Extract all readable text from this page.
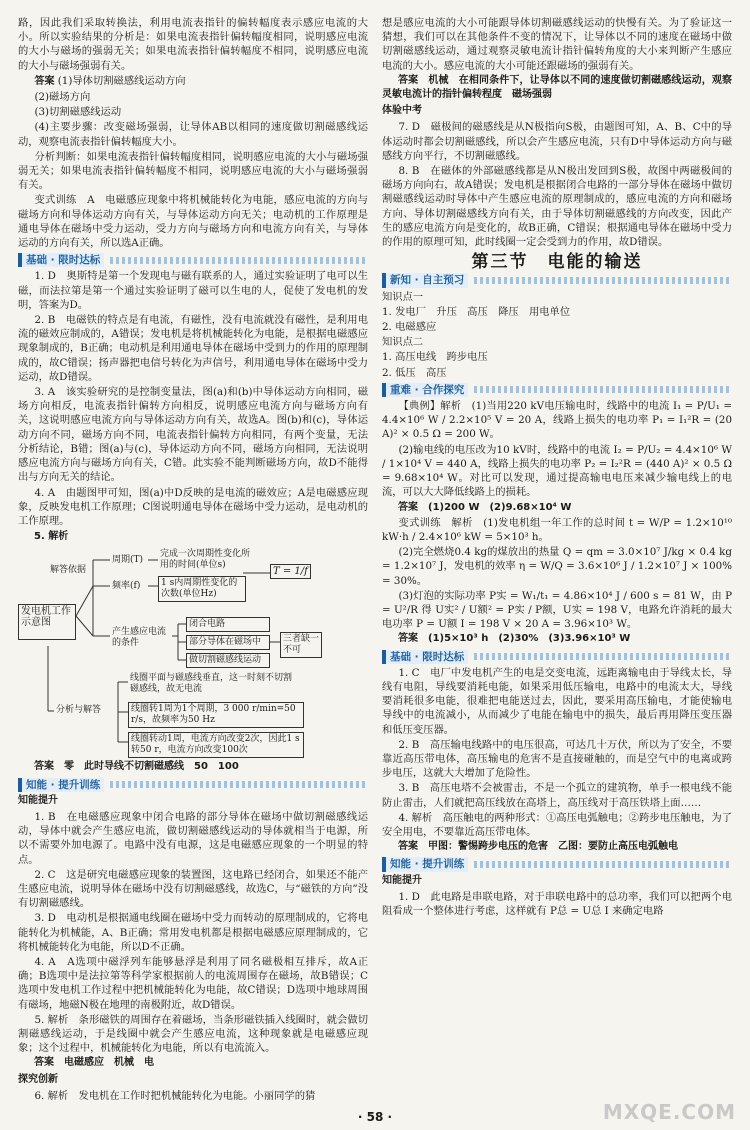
路，因此我们采取转换法，利用电流表指针的偏转幅度表示感应电流的大小。所以实验结果的分析是：如果电流表指针偏转幅度相同，说明感应电流的大小与磁场的强弱无关；如果电流表指针偏转幅度不相同，说明感应电流的大小与磁场强弱有关。

答案 (1)导体切割磁感线运动方向

(2)磁场方向

(3)切割磁感线运动

(4)主要步骤：改变磁场强弱，让导体AB以相同的速度做切割磁感线运动，观察电流表指针偏转幅度大小。

分析判断：如果电流表指针偏转幅度相同，说明感应电流的大小与磁场强弱无关；如果电流表指针偏转幅度不相同，说明感应电流的大小与磁场强弱有关。

变式训练　A　电磁感应现象中将机械能转化为电能，感应电流的方向与磁场方向和导体运动方向有关，与导体运动方向无关；电动机的工作原理是通电导体在磁场中受力运动，受力方向与磁场方向和电流方向有关，与导体运动的方向有关，所以选A正确。

基础 · 限时达标

1. D　奥斯特是第一个发现电与磁有联系的人，通过实验证明了电可以生磁，而法拉第是第一个通过实验证明了磁可以生电的人，促使了发电机的发明，答案为D。

2. B　电磁铁的特点是有电流，有磁性，没有电流就没有磁性，是利用电流的磁效应制成的，A错误；发电机是将机械能转化为电能，是根据电磁感应现象制成的，B正确；电动机是利用通电导体在磁场中受到力的作用的原理制成的，故C错误；扬声器把电信号转化为声信号，利用通电导体在磁场中受力运动，故D错误。

3. A　该实验研究的是控制变量法，图(a)和(b)中导体运动方向相同，磁场方向相反，电流表指针偏转方向相反，说明感应电流方向与磁场方向有关，这说明感应电流方向与导体运动方向有关，故选A。图(b)和(c)，导体运动方向不同，磁场方向不同，电流表指针偏转方向相同，有两个变量，无法分析结论，B错；图(a)与(c)，导体运动方向不同，磁场方向相同，无法说明感应电流方向与磁场方向有关，C错。此实验不能判断磁场方向，故D不能得出与方向无关的结论。

4. A　由题图甲可知，图(a)中D反映的是电流的磁效应；A是电磁感应现象，反映发电机工作原理；C图说明通电导体在磁场中受力运动，是电动机的工作原理。

5. 解析

发电机工作示意图
解答依据
周期(T)
完成一次周期性变化所用的时间(单位s)
频率(f)	1 s内周期性变化的次数(单位Hz)
T = 1/f
产生感应电流的条件
闭合电路
部分导体在磁场中
做切割磁感线运动
三者缺一不可
分析与解答
线圈平面与磁感线垂直，这一时刻不切割磁感线，故无电流
线圈转1周为1个周期，3 000 r/min=50 r/s，故频率为50 Hz
线圈转动1周，电流方向改变2次，因此1 s转50 r，电流方向改变100次

答案　零　此时导线不切割磁感线　50　100

知能 · 提升训练
知能提升

1. B　在电磁感应现象中闭合电路的部分导体在磁场中做切割磁感线运动，导体中就会产生感应电流，做切割磁感线运动的导体就相当于电源，所以不需要外加电源了。电路中没有电源，这是电磁感应现象的一个明显的特点。

2. C　这是研究电磁感应现象的装置图，这电路已经闭合，如果还不能产生感应电流，说明导体在磁场中没有切割磁感线，故选C，与“磁铁的方向”没有切割磁感线。

3. D　电动机是根据通电线圈在磁场中受力而转动的原理制成的，它将电能转化为机械能，A、B正确；常用发电机都是根据电磁感应原理制成的，它将机械能转化为电能，所以D不正确。

4. A　A选项中磁浮列车能够悬浮是利用了同名磁极相互排斥，故A正确；B选项中是法拉第等科学家根据前人的电流周围存在磁场，故B错误；C选项中发电机工作过程中把机械能转化为电能，故C错误；D选项中地球周围有磁场，地磁N极在地理的南极附近，故D错误。

5. 解析　条形磁铁的周围存在着磁场，当条形磁铁插入线圈时，就会做切割磁感线运动，于是线圈中就会产生感应电流，这种现象就是电磁感应现象；这个过程中，机械能转化为电能，所以有电流流入。

答案　电磁感应　机械　电

探究创新

6. 解析　发电机在工作时把机械能转化为电能。小丽同学的猜

想是感应电流的大小可能跟导体切割磁感线运动的快慢有关。为了验证这一猜想，我们可以在其他条件不变的情况下，让导体以不同的速度在磁场中做切割磁感线运动，通过观察灵敏电流计指针偏转角度的大小来判断产生感应电流的大小。感应电流的大小可能还跟磁场的强弱有关。

答案　机械　在相同条件下，让导体以不同的速度做切割磁感线运动，观察灵敏电流计的指针偏转程度　磁场强弱

体验中考

7. D　磁极间的磁感线是从N极指向S极，由题图可知，A、B、C中的导体运动时都会切割磁感线，所以会产生感应电流，只有D中导体运动方向与磁感线方向平行，不切割磁感线。

8. B　在磁体的外部磁感线都是从N极出发回到S极，故图中两磁极间的磁场方向向右，故A错误；发电机是根据闭合电路的一部分导体在磁场中做切割磁感线运动时导体中产生感应电流的原理制成的，感应电流的方向和磁场方向、导体切割磁感线方向有关，由于导体切割磁感线的方向改变，因此产生的感应电流方向是变化的，故B正确，C错误；根据通电导体在磁场中受力的作用的原理可知，此时线圈一定会受到力的作用，故D错误。

第三节　电能的输送
新知 · 自主预习

知识点一

1. 发电厂　升压　高压　降压　用电单位

2. 电磁感应

知识点二

1. 高压电线　跨步电压

2. 低压　高压

重难 · 合作探究

【典例】解析　(1)当用220 kV电压输电时，线路中的电流 I₁ = P/U₁ = 4.4×10⁶ W / 2.2×10⁵ V = 20 A，线路上损失的电功率 P₁ = I₁²R = (20 A)² × 0.5 Ω = 200 W。

(2)输电线的电压改为10 kV时，线路中的电流 I₂ = P/U₂ = 4.4×10⁶ W / 1×10⁴ V = 440 A，线路上损失的电功率 P₂ = I₂²R = (440 A)² × 0.5 Ω = 9.68×10⁴ W。对比可以发现，通过提高输电电压来减少输电线上的电流，可以大大降低线路上的损耗。

答案　(1)200 W　(2)9.68×10⁴ W

变式训练　解析　(1)发电机组一年工作的总时间 t = W/P = 1.2×10¹⁰ kW·h / 2.4×10⁶ kW = 5×10³ h。

(2)完全燃烧0.4 kg的煤放出的热量 Q = qm = 3.0×10⁷ J/kg × 0.4 kg = 1.2×10⁷ J，发电机的效率 η = W/Q = 3.6×10⁶ J / 1.2×10⁷ J × 100% = 30%。

(3)灯泡的实际功率 P实 = W₁/t₁ = 4.86×10⁴ J / 600 s = 81 W，由 P = U²/R 得 U实² / U额² = P实 / P额，U实 = 198 V，电路允许消耗的最大电功率 P = U额 I = 198 V × 20 A = 3.96×10³ W。

答案　(1)5×10³ h　(2)30%　(3)3.96×10³ W

基础 · 限时达标

1. C　电厂中发电机产生的电是交变电流，远距离输电由于导线太长，导线有电阻，导线要消耗电能，如果采用低压输电，电路中的电流太大，导线要消耗很多电能，很难把电能送过去，因此，要采用高压输电，才能使输电导线中的电流减小，从而减少了电能在输电中的损失，最后再用降压变压器和低压变压器。

2. B　高压输电线路中的电压很高，可达几十万伏，所以为了安全，不要靠近高压带电体，高压输电的危害不是直接碰触的，而是空气中的电离或跨步电压，这就大大增加了危险性。

3. B　高压电塔不会被雷击，不是一个孤立的建筑物，单手一根电线不能防止雷击，人们就把高压线放在高塔上，高压线对于高压铁塔上面……

4. 解析　高压触电的两种形式：①高压电弧触电；②跨步电压触电，为了安全用电，不要靠近高压带电体。

答案　甲图：警惕跨步电压的危害　乙图：要防止高压电弧触电

知能 · 提升训练
知能提升

1. D　此电路是串联电路，对于串联电路中的总功率，我们可以把两个电阻看成一个整体进行考虑，这样就有 P总 = U总 I 来确定电路

· 58 ·	MXQE.COM
